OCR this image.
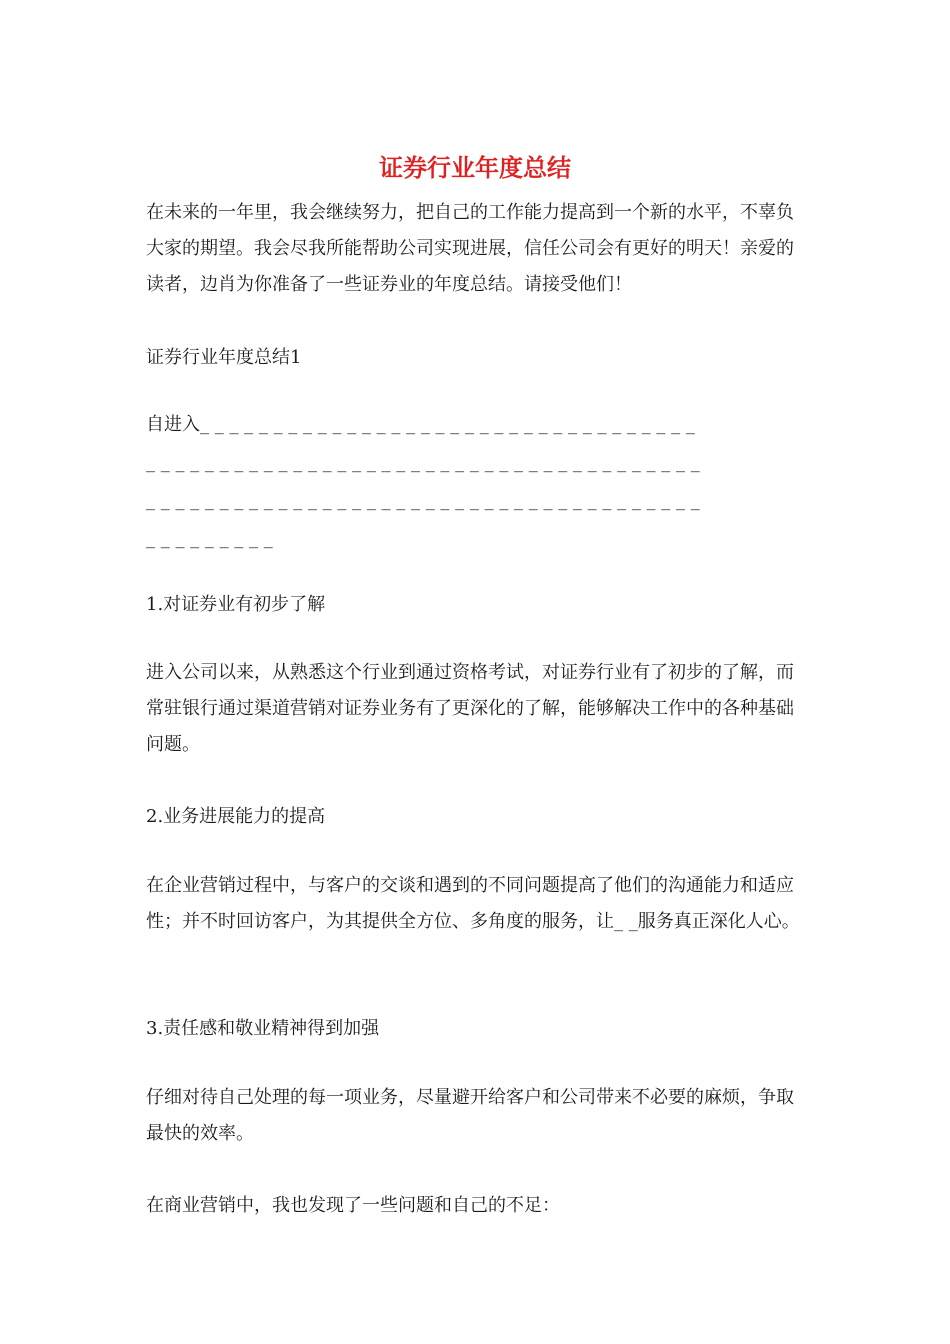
证券行业年度总结

在未来的一年里，我会继续努力，把自己的工作能力提高到一个新的水平，不辜负大家的期望。我会尽我所能帮助公司实现进展，信任公司会有更好的明天！亲爱的读者，边肖为你准备了一些证券业的年度总结。请接受他们！

证券行业年度总结1

自进入_ _ _ _ _ _ _ _ _ _ _ _ _ _ _ _ _ _ _ _ _ _ _ _ _ _ _ _ _ _ _ _ _ _
_ _ _ _ _ _ _ _ _ _ _ _ _ _ _ _ _ _ _ _ _ _ _ _ _ _ _ _ _ _ _ _ _ _ _ _ _ _
_ _ _ _ _ _ _ _ _ _ _ _ _ _ _ _ _ _ _ _ _ _ _ _ _ _ _ _ _ _ _ _ _ _ _ _ _ _
_ _ _ _ _ _ _ _ _

1.对证券业有初步了解

进入公司以来，从熟悉这个行业到通过资格考试，对证券行业有了初步的了解，而常驻银行通过渠道营销对证券业务有了更深化的了解，能够解决工作中的各种基础问题。

2.业务进展能力的提高

在企业营销过程中，与客户的交谈和遇到的不同问题提高了他们的沟通能力和适应性；并不时回访客户，为其提供全方位、多角度的服务，让_ _服务真正深化人心。

3.责任感和敬业精神得到加强

仔细对待自己处理的每一项业务，尽量避开给客户和公司带来不必要的麻烦，争取最快的效率。

在商业营销中，我也发现了一些问题和自己的不足：
